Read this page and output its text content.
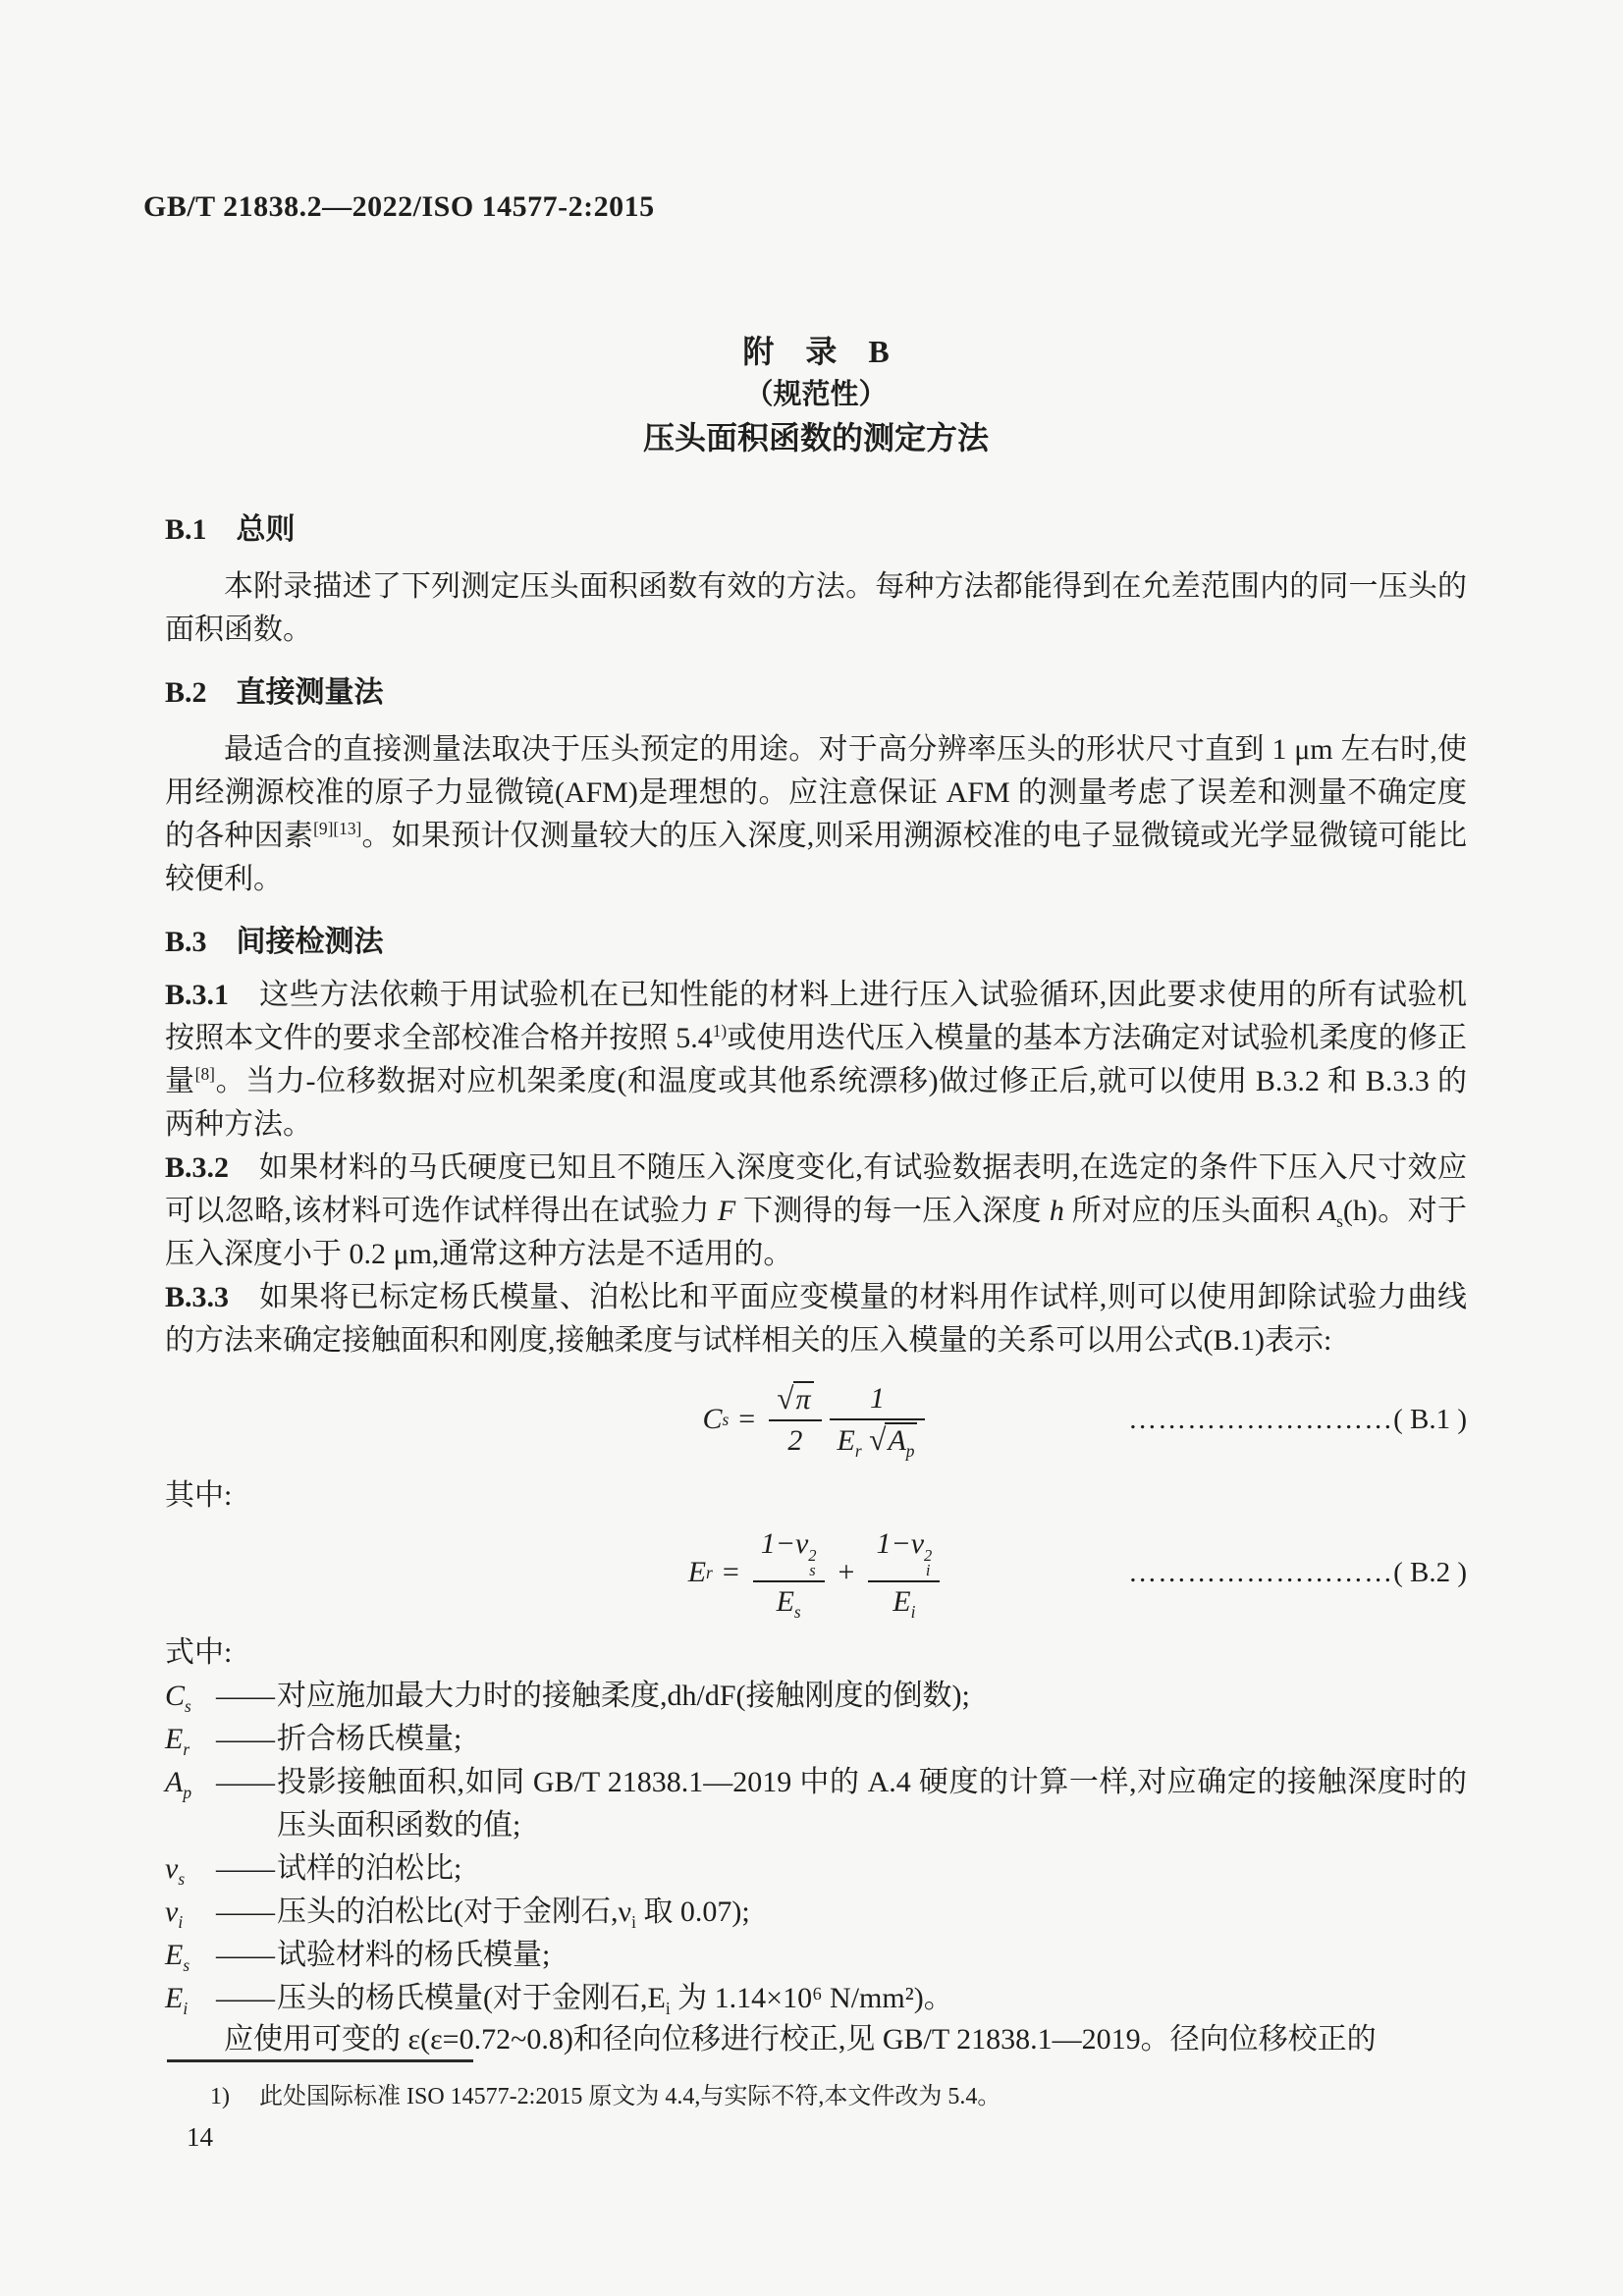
GB/T 21838.2—2022/ISO 14577-2:2015
附　录　B
（规范性）
压头面积函数的测定方法
B.1　总则

本附录描述了下列测定压头面积函数有效的方法。每种方法都能得到在允差范围内的同一压头的面积函数。

B.2　直接测量法

最适合的直接测量法取决于压头预定的用途。对于高分辨率压头的形状尺寸直到 1 μm 左右时,使用经溯源校准的原子力显微镜(AFM)是理想的。应注意保证 AFM 的测量考虑了误差和测量不确定度的各种因素[9][13]。如果预计仅测量较大的压入深度,则采用溯源校准的电子显微镜或光学显微镜可能比较便利。

B.3　间接检测法

B.3.1　这些方法依赖于用试验机在已知性能的材料上进行压入试验循环,因此要求使用的所有试验机按照本文件的要求全部校准合格并按照 5.4$^{1)}$或使用迭代压入模量的基本方法确定对试验机柔度的修正量[8]。当力-位移数据对应机架柔度(和温度或其他系统漂移)做过修正后,就可以使用 B.3.2 和 B.3.3 的两种方法。

B.3.2　如果材料的马氏硬度已知且不随压入深度变化,有试验数据表明,在选定的条件下压入尺寸效应可以忽略,该材料可选作试样得出在试验力 F 下测得的每一压入深度 h 所对应的压头面积 $A_s(h)$。对于压入深度小于 0.2 μm,通常这种方法是不适用的。

B.3.3　如果将已标定杨氏模量、泊松比和平面应变模量的材料用作试样,则可以使用卸除试验力曲线的方法来确定接触面积和刚度,接触柔度与试样相关的压入模量的关系可以用公式(B.1)表示:

C $s = \frac{√\pi}{2} \frac{1}{E_r √A_p}$	………………………( B.1 )

其中:

E r = 1−ν 2
s
$E_s + 1-\nu$ 2
i
$E_i$	………………………( B.2 )

式中:

$C_s$ —— 对应施加最大力时的接触柔度,dh/dF(接触刚度的倒数);
$E_r$ —— 折合杨氏模量;
$A_p$ —— 投影接触面积,如同 GB/T 21838.1—2019 中的 A.4 硬度的计算一样,对应确定的接触深度时的压头面积函数的值;
$\nu_s$	—— 试样的泊松比;
$\nu_i$	—— 压头的泊松比(对于金刚石$,\nu_i$ 取 0.07);
$E_s$ —— 试验材料的杨氏模量;
$E_i$ —— 压头的杨氏模量(对于金刚石$,E_i$ 为 1.14×10⁶ N/mm²)。

应使用可变的 ε(ε=0.72~0.8)和径向位移进行校正,见 GB/T 21838.1—2019。径向位移校正的

1) 此处国际标准 ISO 14577-2:2015 原文为 4.4,与实际不符,本文件改为 5.4。
14
